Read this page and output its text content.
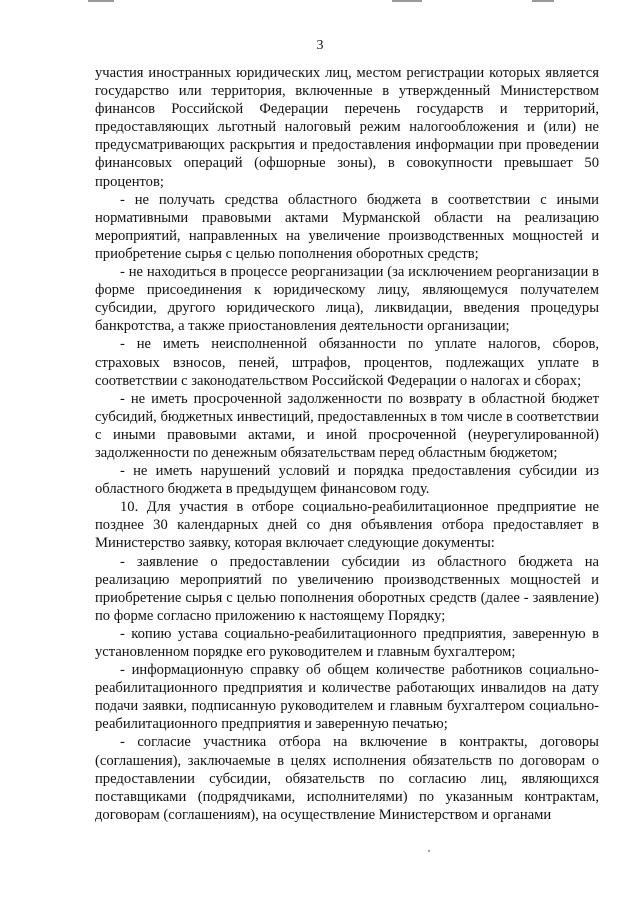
3

участия иностранных юридических лиц, местом регистрации которых является государство или территория, включенные в утвержденный Министерством финансов Российской Федерации перечень государств и территорий, предоставляющих льготный налоговый режим налогообложения и (или) не предусматривающих раскрытия и предоставления информации при проведении финансовых операций (офшорные зоны), в совокупности превышает 50 процентов;

- не получать средства областного бюджета в соответствии с иными нормативными правовыми актами Мурманской области на реализацию мероприятий, направленных на увеличение производственных мощностей и приобретение сырья с целью пополнения оборотных средств;

- не находиться в процессе реорганизации (за исключением реорганизации в форме присоединения к юридическому лицу, являющемуся получателем субсидии, другого юридического лица), ликвидации, введения процедуры банкротства, а также приостановления деятельности организации;

- не иметь неисполненной обязанности по уплате налогов, сборов, страховых взносов, пеней, штрафов, процентов, подлежащих уплате в соответствии с законодательством Российской Федерации о налогах и сборах;

- не иметь просроченной задолженности по возврату в областной бюджет субсидий, бюджетных инвестиций, предоставленных в том числе в соответствии с иными правовыми актами, и иной просроченной (неурегулированной) задолженности по денежным обязательствам перед областным бюджетом;

- не иметь нарушений условий и порядка предоставления субсидии из областного бюджета в предыдущем финансовом году.

10. Для участия в отборе социально-реабилитационное предприятие не позднее 30 календарных дней со дня объявления отбора предоставляет в Министерство заявку, которая включает следующие документы:

- заявление о предоставлении субсидии из областного бюджета на реализацию мероприятий по увеличению производственных мощностей и приобретение сырья с целью пополнения оборотных средств (далее - заявление) по форме согласно приложению к настоящему Порядку;

- копию устава социально-реабилитационного предприятия, заверенную в установленном порядке его руководителем и главным бухгалтером;

- информационную справку об общем количестве работников социально-реабилитационного предприятия и количестве работающих инвалидов на дату подачи заявки, подписанную руководителем и главным бухгалтером социально-реабилитационного предприятия и заверенную печатью;

- согласие участника отбора на включение в контракты, договоры (соглашения), заключаемые в целях исполнения обязательств по договорам о предоставлении субсидии, обязательств по согласию лиц, являющихся поставщиками (подрядчиками, исполнителями) по указанным контрактам, договорам (соглашениям), на осуществление Министерством и органами
